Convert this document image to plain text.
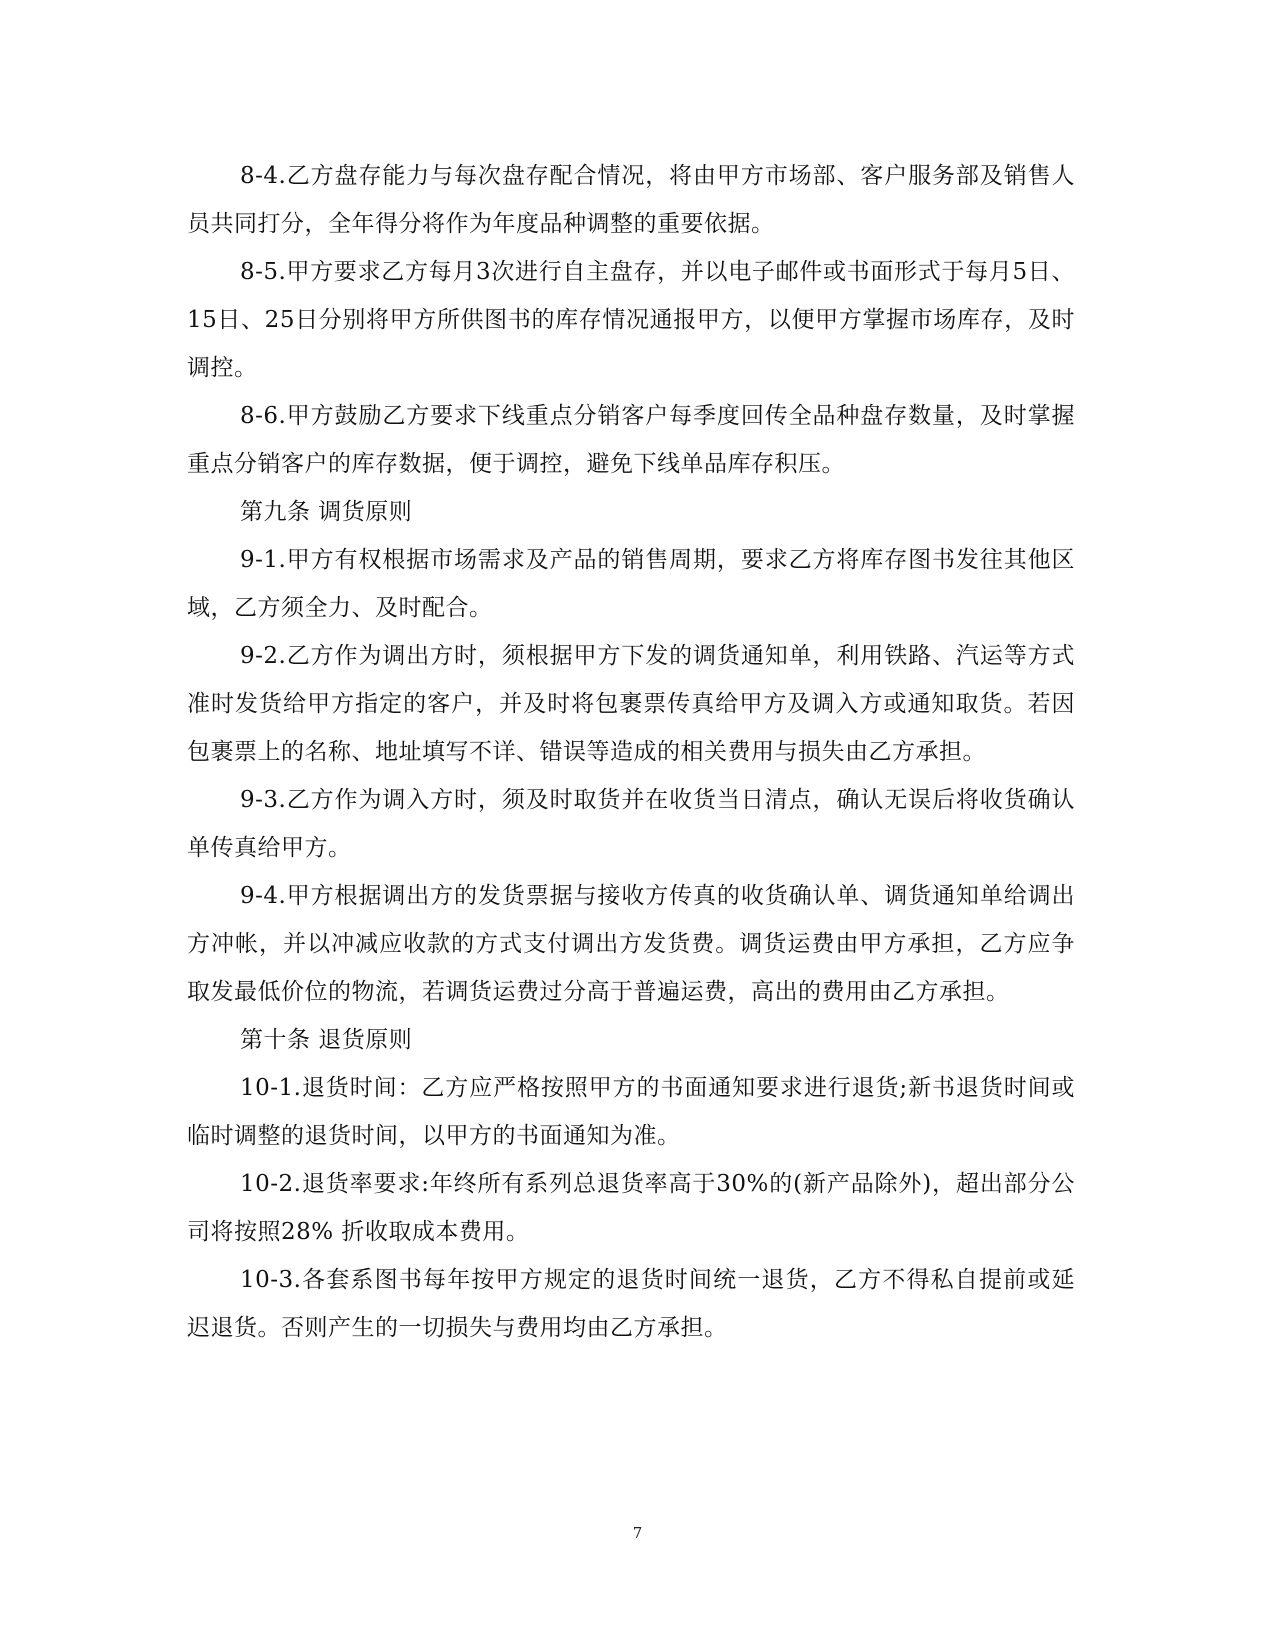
8-4.乙方盘存能力与每次盘存配合情况，将由甲方市场部、客户服务部及销售人员共同打分，全年得分将作为年度品种调整的重要依据。

8-5.甲方要求乙方每月3次进行自主盘存，并以电子邮件或书面形式于每月5日、15日、25日分别将甲方所供图书的库存情况通报甲方，以便甲方掌握市场库存，及时调控。

8-6.甲方鼓励乙方要求下线重点分销客户每季度回传全品种盘存数量，及时掌握重点分销客户的库存数据，便于调控，避免下线单品库存积压。

第九条 调货原则

9-1.甲方有权根据市场需求及产品的销售周期，要求乙方将库存图书发往其他区域，乙方须全力、及时配合。

9-2.乙方作为调出方时，须根据甲方下发的调货通知单，利用铁路、汽运等方式准时发货给甲方指定的客户，并及时将包裹票传真给甲方及调入方或通知取货。若因包裹票上的名称、地址填写不详、错误等造成的相关费用与损失由乙方承担。

9-3.乙方作为调入方时，须及时取货并在收货当日清点，确认无误后将收货确认单传真给甲方。

9-4.甲方根据调出方的发货票据与接收方传真的收货确认单、调货通知单给调出方冲帐，并以冲减应收款的方式支付调出方发货费。调货运费由甲方承担，乙方应争取发最低价位的物流，若调货运费过分高于普遍运费，高出的费用由乙方承担。

第十条 退货原则

10-1.退货时间：乙方应严格按照甲方的书面通知要求进行退货;新书退货时间或临时调整的退货时间，以甲方的书面通知为准。

10-2.退货率要求:年终所有系列总退货率高于30%的(新产品除外)，超出部分公司将按照28% 折收取成本费用。

10-3.各套系图书每年按甲方规定的退货时间统一退货，乙方不得私自提前或延迟退货。否则产生的一切损失与费用均由乙方承担。

7
